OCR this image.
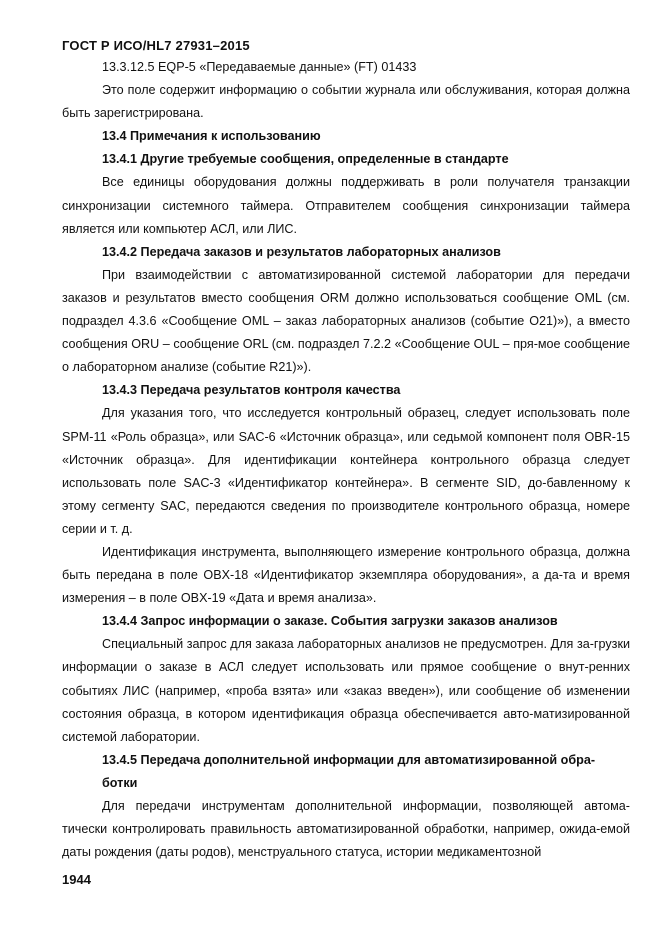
ГОСТ Р ИСО/HL7 27931–2015
13.3.12.5 EQP-5 «Передаваемые данные» (FT) 01433
Это поле содержит информацию о событии журнала или обслуживания, которая должна быть зарегистрирована.
13.4 Примечания к использованию
13.4.1 Другие требуемые сообщения, определенные в стандарте
Все единицы оборудования должны поддерживать в роли получателя транзакции синхронизации системного таймера. Отправителем сообщения синхронизации таймера является или компьютер АСЛ, или ЛИС.
13.4.2 Передача заказов и результатов лабораторных анализов
При взаимодействии с автоматизированной системой лаборатории для передачи заказов и результатов вместо сообщения ORM должно использоваться сообщение OML (см. подраздел 4.3.6 «Сообщение OML – заказ лабораторных анализов (событие O21)»), а вместо сообщения ORU – сообщение ORL (см. подраздел 7.2.2 «Сообщение OUL – пря-мое сообщение о лабораторном анализе (событие R21)»).
13.4.3 Передача результатов контроля качества
Для указания того, что исследуется контрольный образец, следует использовать поле SPM-11 «Роль образца», или SAC-6 «Источник образца», или седьмой компонент поля OBR-15 «Источник образца». Для идентификации контейнера контрольного образца следует использовать поле SAC-3 «Идентификатор контейнера». В сегменте SID, до-бавленному к этому сегменту SAC, передаются сведения по производителе контрольного образца, номере серии и т. д.
Идентификация инструмента, выполняющего измерение контрольного образца, должна быть передана в поле OBX-18 «Идентификатор экземпляра оборудования», а да-та и время измерения – в поле OBX-19 «Дата и время анализа».
13.4.4 Запрос информации о заказе. События загрузки заказов анализов
Специальный запрос для заказа лабораторных анализов не предусмотрен. Для за-грузки информации о заказе в АСЛ следует использовать или прямое сообщение о внут-ренних событиях ЛИС (например, «проба взята» или «заказ введен»), или сообщение об изменении состояния образца, в котором идентификация образца обеспечивается авто-матизированной системой лаборатории.
13.4.5 Передача дополнительной информации для автоматизированной обра-ботки
Для передачи инструментам дополнительной информации, позволяющей автома-тически контролировать правильность автоматизированной обработки, например, ожида-емой даты рождения (даты родов), менструального статуса, истории медикаментозной
1944
